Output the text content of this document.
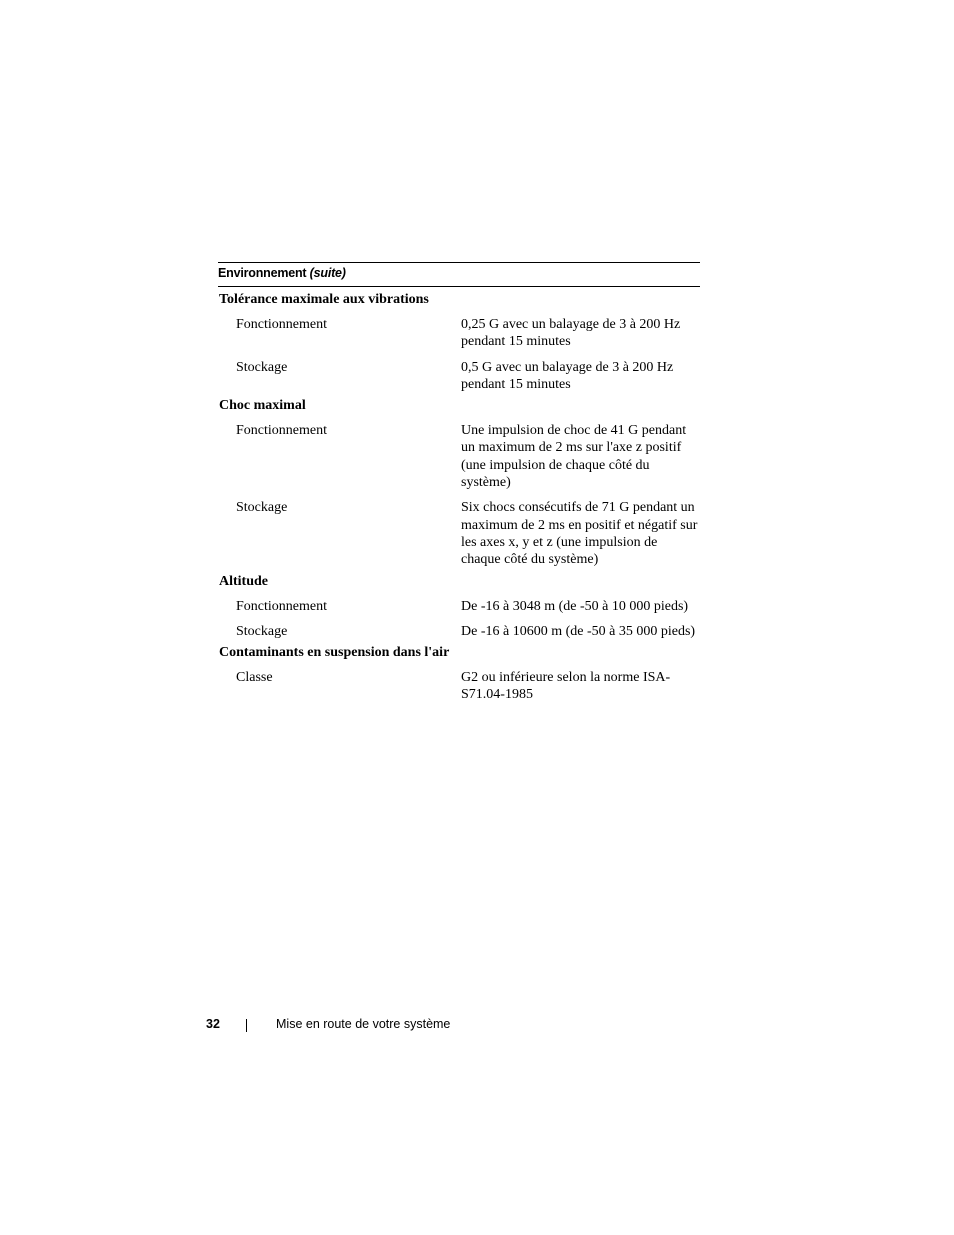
Environnement (suite)
Tolérance maximale aux vibrations
Fonctionnement	0,25 G avec un balayage de 3 à 200 Hz pendant 15 minutes
Stockage	0,5 G avec un balayage de 3 à 200 Hz pendant 15 minutes
Choc maximal
Fonctionnement	Une impulsion de choc de 41 G pendant un maximum de 2 ms sur l'axe z positif (une impulsion de chaque côté du système)
Stockage	Six chocs consécutifs de 71 G pendant un maximum de 2 ms en positif et négatif sur les axes x, y et z (une impulsion de chaque côté du système)
Altitude
Fonctionnement	De -16 à 3048 m (de -50 à 10 000 pieds)
Stockage	De -16 à 10600 m (de -50 à 35 000 pieds)
Contaminants en suspension dans l'air
Classe	G2 ou inférieure selon la norme ISA-S71.04-1985
32	Mise en route de votre système
